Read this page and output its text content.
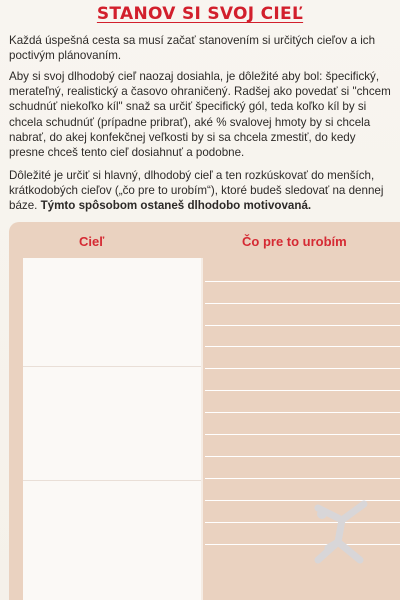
STANOV SI SVOJ CIEĽ
Každá úspešná cesta sa musí začať stanovením si určitých cieľov a ich poctivým plánovaním.
Aby si svoj dlhodobý cieľ naozaj dosiahla, je dôležité aby bol: špecifický, merateľný, realistický a časovo ohraničený. Radšej ako povedať si "chcem schudnúť niekoľko kíl" snaž sa určiť špecifický gól, teda koľko kíl by si chcela schudnúť (prípadne pribrať), aké % svalovej hmoty by si chcela nabrať, do akej konfekčnej veľkosti by si sa chcela zmestiť, do kedy presne chceš tento cieľ dosiahnuť a podobne.
Dôležité je určiť si hlavný, dlhodobý cieľ a ten rozkúskovať do menších, krátkodobých cieľov („čo pre to urobím“), ktoré budeš sledovať na dennej báze. Týmto spôsobom ostaneš dlhodobo motivovaná.
Cieľ	Čo pre to urobím
